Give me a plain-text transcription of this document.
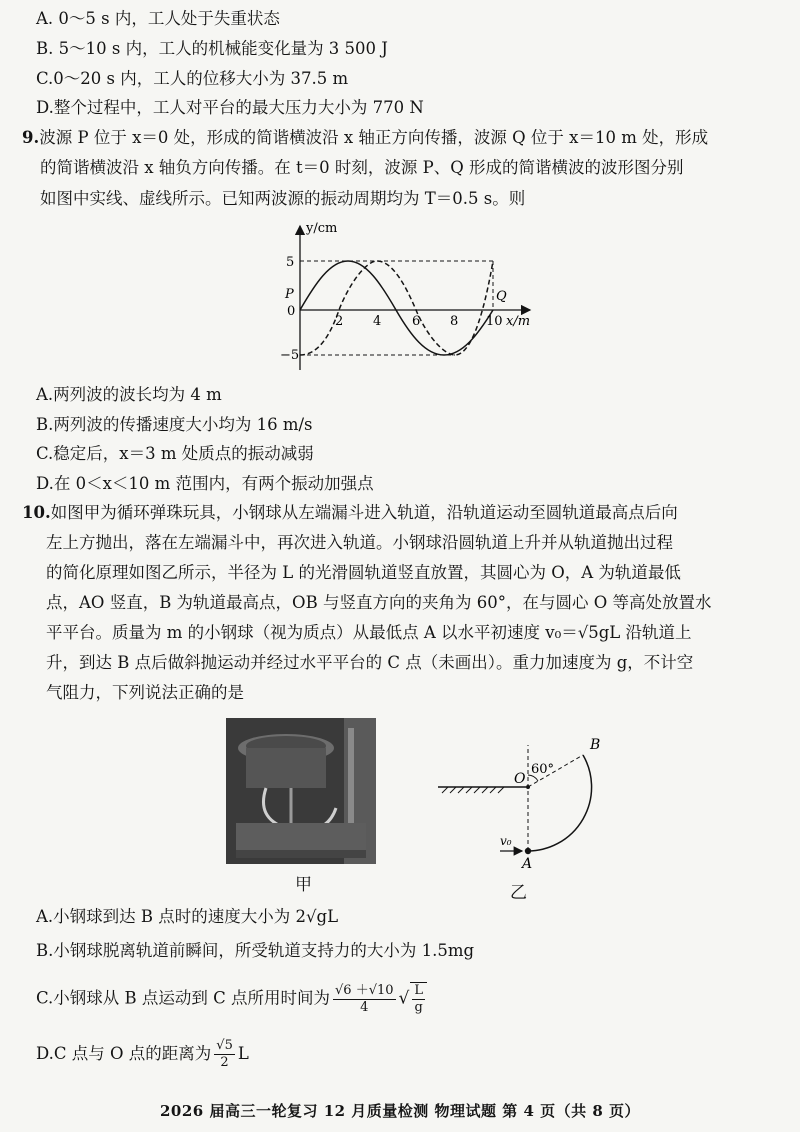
A. 0～5 s 内，工人处于失重状态
B. 5～10 s 内，工人的机械能变化量为 3 500 J
C.0～20 s 内，工人的位移大小为 37.5 m
D.整个过程中，工人对平台的最大压力大小为 770 N
9.波源 P 位于 x＝0 处，形成的简谐横波沿 x 轴正方向传播，波源 Q 位于 x＝10 m 处，形成
的简谐横波沿 x 轴负方向传播。在 t＝0 时刻，波源 P、Q 形成的简谐横波的波形图分别
如图中实线、虚线所示。已知两波源的振动周期均为 T＝0.5 s。则
y/cm
5
−5
0
P	Q
2 4 6 8 10 x/m
A.两列波的波长均为 4 m
B.两列波的传播速度大小均为 16 m/s
C.稳定后，x＝3 m 处质点的振动减弱
D.在 0＜x＜10 m 范围内，有两个振动加强点
10.如图甲为循环弹珠玩具，小钢球从左端漏斗进入轨道，沿轨道运动至圆轨道最高点后向
左上方抛出，落在左端漏斗中，再次进入轨道。小钢球沿圆轨道上升并从轨道抛出过程
的简化原理如图乙所示，半径为 L 的光滑圆轨道竖直放置，其圆心为 O，A 为轨道最低
点，AO 竖直，B 为轨道最高点，OB 与竖直方向的夹角为 60°，在与圆心 O 等高处放置水
平平台。质量为 m 的小钢球（视为质点）从最低点 A 以水平初速度 v₀＝√5gL 沿轨道上
升，到达 B 点后做斜抛运动并经过水平平台的 C 点（未画出）。重力加速度为 g，不计空
气阻力，下列说法正确的是
甲
60°
B
O
A
v₀
乙
A.小钢球到达 B 点时的速度大小为 2√gL
B.小钢球脱离轨道前瞬间，所受轨道支持力的大小为 1.5mg
C.小钢球从 B 点运动到 C 点所用时间为 $\frac{√6 +√10}{4}$ √ $\frac{L}{g}$
D.C 点与 O 点的距离为 $\frac{√5}{2}$ L
2026 届高三一轮复习 12 月质量检测 物理试题 第 4 页（共 8 页）
